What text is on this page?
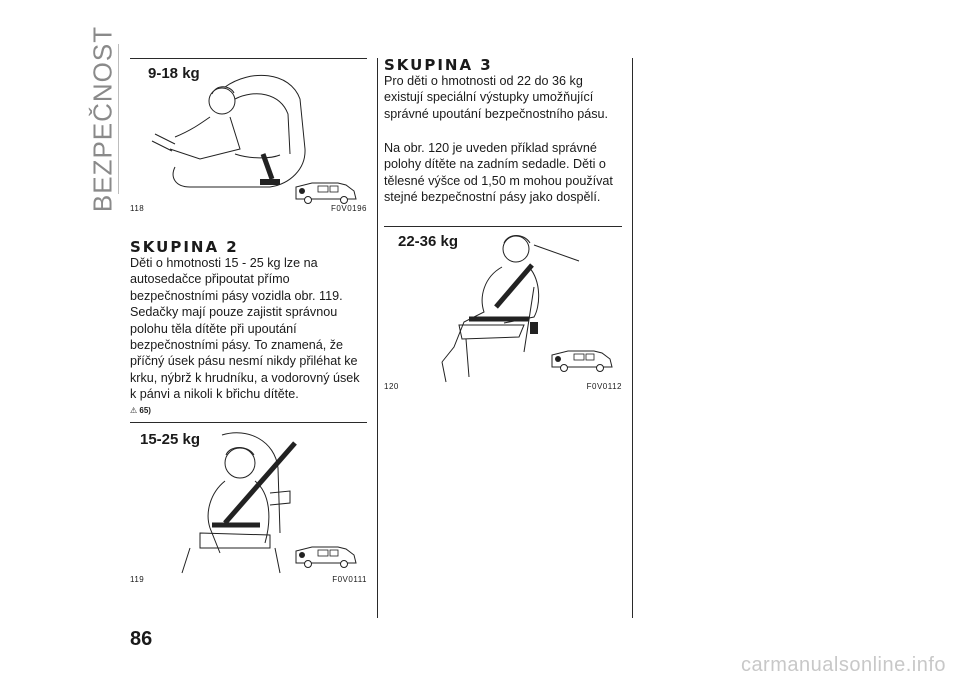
BEZPEČNOST 9-18 kg
118	F0V0196
SKUPINA 2

Děti o hmotnosti 15 - 25 kg lze na autosedačce připoutat přímo bezpečnostními pásy vozidla obr. 119. Sedačky mají pouze zajistit správnou polohu těla dítěte při upoutání bezpečnostními pásy. To znamená, že příčný úsek pásu nesmí nikdy přiléhat ke krku, nýbrž k hrudníku, a vodorovný úsek k pánvi a nikoli k břichu dítěte.

⚠ 65)
15-25 kg
119	F0V0111
SKUPINA 3

Pro děti o hmotnosti od 22 do 36 kg existují speciální výstupky umožňující správné upoutání bezpečnostního pásu.

Na obr. 120 je uveden příklad správné polohy dítěte na zadním sedadle. Děti o tělesné výšce od 1,50 m mohou používat stejné bezpečnostní pásy jako dospělí.

22-36 kg
120	F0V0112
86
carmanualsonline.info
